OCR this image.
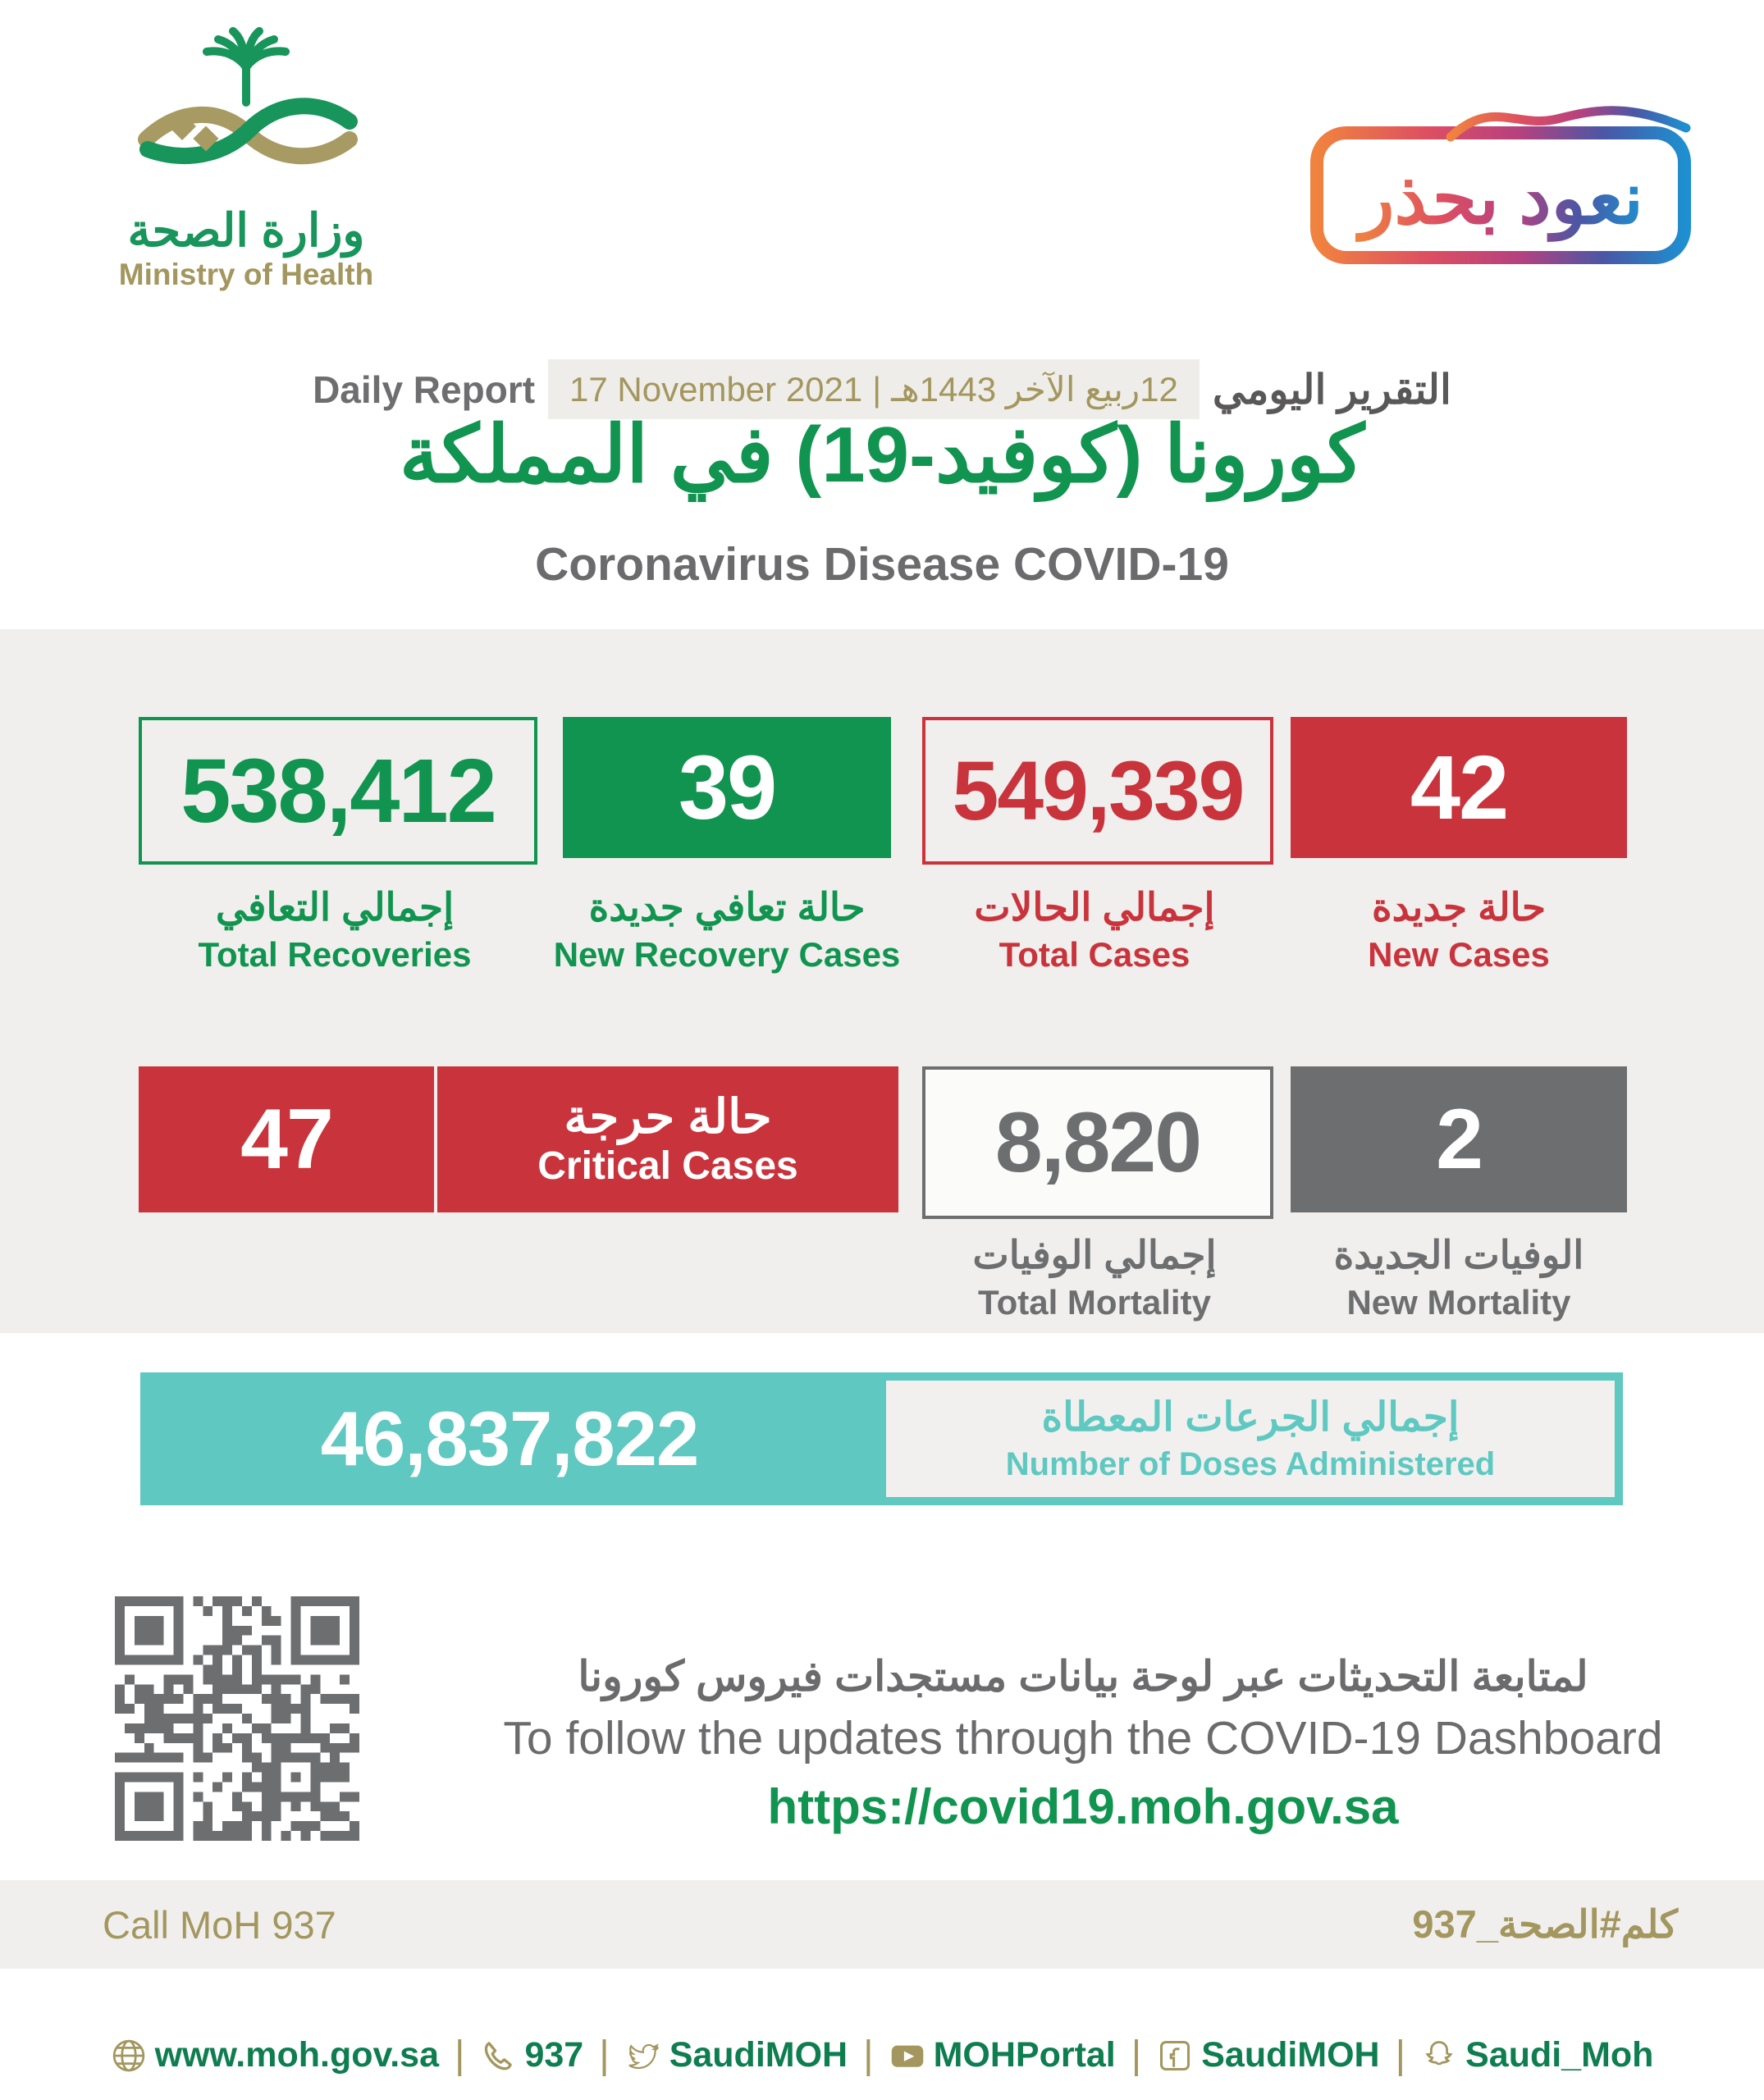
وزارة الصحة
Ministry of Health
نعود بحذر
Daily Report 17 November 2021 | 12ربيع الآخر 1443هـ التقرير اليومي
كورونا (كوفيد-19) في المملكة
Coronavirus Disease COVID-19
538,412 39 549,339 42
إجمالي التعافي
Total Recoveries
حالة تعافي جديدة
New Recovery Cases
إجمالي الحالات
Total Cases
حالة جديدة
New Cases
47	حالة حرجة
Critical Cases 8,820	2
إجمالي الوفيات
Total Mortality
الوفيات الجديدة
New Mortality
46,837,822	إجمالي الجرعات المعطاة
Number of Doses Administered
لمتابعة التحديثات عبر لوحة بيانات مستجدات فيروس كورونا
To follow the updates through the COVID-19 Dashboard
https://covid19.moh.gov.sa
Call MoH 937	كلم#الصحة_937
www.moh.gov.sa | 937 | SaudiMOH | MOHPortal | SaudiMOH | Saudi_Moh
